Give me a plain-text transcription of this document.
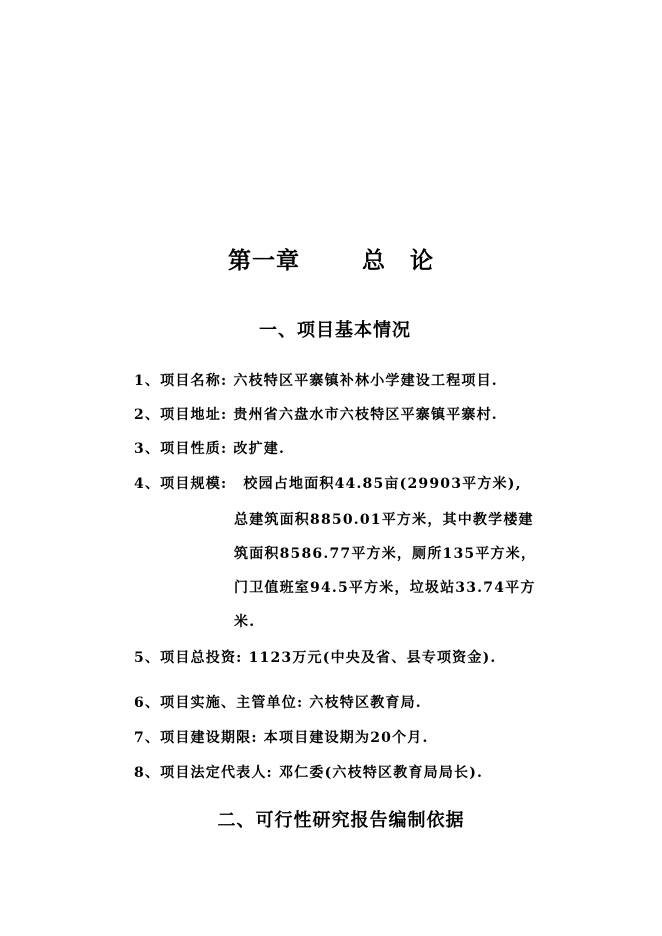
第一章	总　论
一、项目基本情况
1、项目名称: 六枝特区平寨镇补林小学建设工程项目.
2、项目地址: 贵州省六盘水市六枝特区平寨镇平寨村.
3、项目性质: 改扩建.
4、项目规模: 校园占地面积44.85亩(29903平方米),
总建筑面积8850.01平方米，其中教学楼建
筑面积8586.77平方米，厕所135平方米，
门卫值班室94.5平方米，垃圾站33.74平方
米.
5、项目总投资: 1123万元(中央及省、县专项资金).
6、项目实施、主管单位: 六枝特区教育局.
7、项目建设期限: 本项目建设期为20个月.
8、项目法定代表人: 邓仁委(六枝特区教育局局长).
二、可行性研究报告编制依据
